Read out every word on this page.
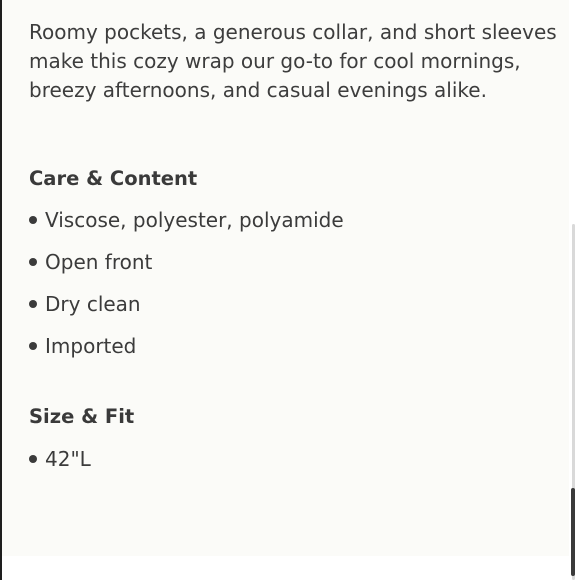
Roomy pockets, a generous collar, and short sleeves
make this cozy wrap our go-to for cool mornings,
breezy afternoons, and casual evenings alike.

Care & Content
Viscose, polyester, polyamide
Open front
Dry clean
Imported
Size & Fit
42"L
